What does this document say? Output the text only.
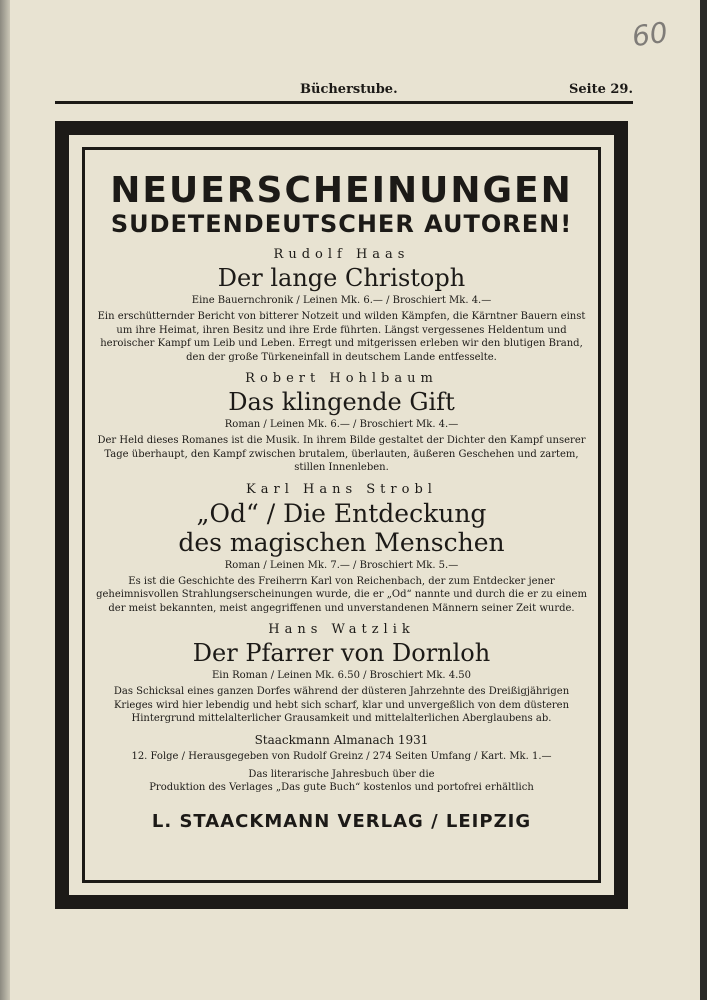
60
Bücherstube.	Seite 29.

NEUERSCHEINUNGEN

SUDETENDEUTSCHER AUTOREN!

Rudolf Haas

Der lange Christoph

Eine Bauernchronik / Leinen Mk. 6.— / Broschiert Mk. 4.—

Ein erschütternder Bericht von bitterer Notzeit und wilden Kämpfen, die Kärntner Bauern einst um ihre Heimat, ihren Besitz und ihre Erde führten. Längst vergessenes Heldentum und heroischer Kampf um Leib und Leben. Erregt und mitgerissen erleben wir den blutigen Brand, den der große Türkeneinfall in deutschem Lande entfesselte.

Robert Hohlbaum

Das klingende Gift

Roman / Leinen Mk. 6.— / Broschiert Mk. 4.—

Der Held dieses Romanes ist die Musik. In ihrem Bilde gestaltet der Dichter den Kampf unserer Tage überhaupt, den Kampf zwischen brutalem, überlauten, äußeren Geschehen und zartem, stillen Innenleben.

Karl Hans Strobl

„Od“ / Die Entdeckung

des magischen Menschen

Roman / Leinen Mk. 7.— / Broschiert Mk. 5.—

Es ist die Geschichte des Freiherrn Karl von Reichenbach, der zum Entdecker jener geheimnisvollen Strahlungserscheinungen wurde, die er „Od“ nannte und durch die er zu einem der meist bekannten, meist angegriffenen und unverstandenen Männern seiner Zeit wurde.

Hans Watzlik

Der Pfarrer von Dornloh

Ein Roman / Leinen Mk. 6.50 / Broschiert Mk. 4.50

Das Schicksal eines ganzen Dorfes während der düsteren Jahrzehnte des Dreißigjährigen Krieges wird hier lebendig und hebt sich scharf, klar und unvergeßlich von dem düsteren Hintergrund mittelalterlicher Grausamkeit und mittelalterlichen Aberglaubens ab.

Staackmann Almanach 1931

12. Folge / Herausgegeben von Rudolf Greinz / 274 Seiten Umfang / Kart. Mk. 1.—

Das literarische Jahresbuch über die

Produktion des Verlages „Das gute Buch“ kostenlos und portofrei erhältlich

L. STAACKMANN VERLAG / LEIPZIG
